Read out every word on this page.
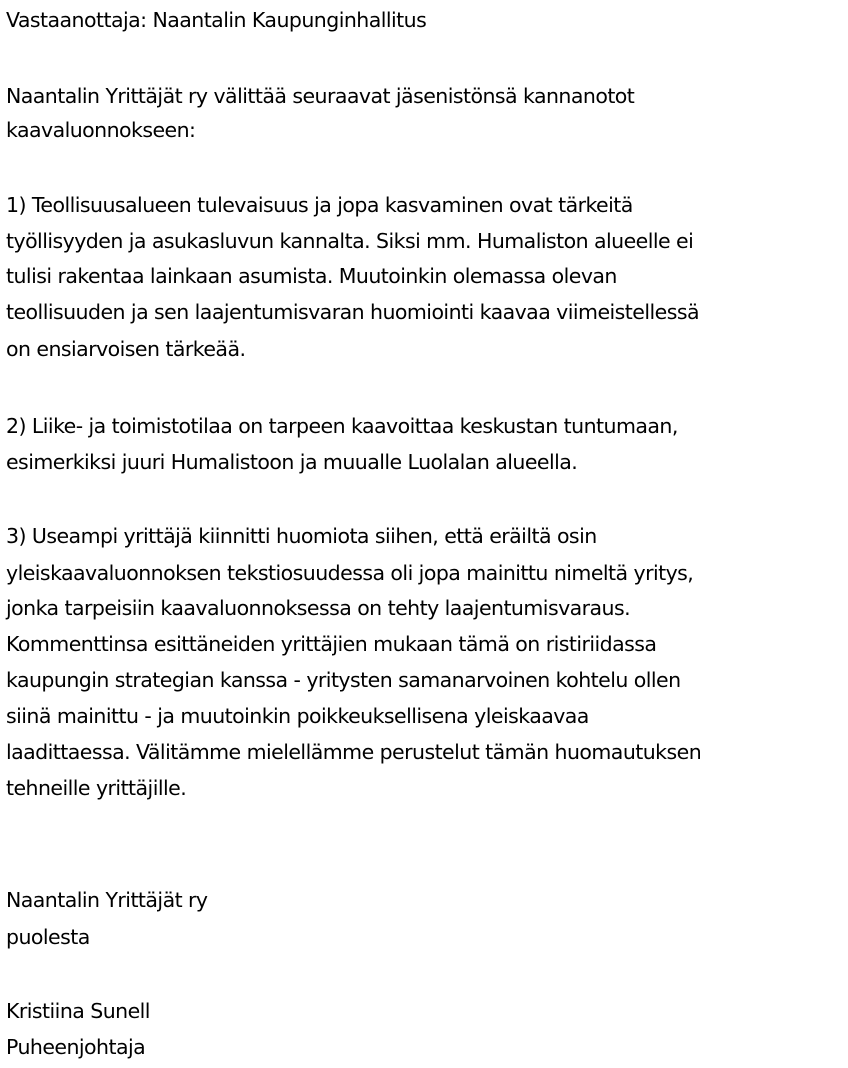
Vastaanottaja: Naantalin Kaupunginhallitus
Naantalin Yrittäjät ry välittää seuraavat jäsenistönsä kannanotot
kaavaluonnokseen:
1) Teollisuusalueen tulevaisuus ja jopa kasvaminen ovat tärkeitä
työllisyyden ja asukasluvun kannalta. Siksi mm. Humaliston alueelle ei
tulisi rakentaa lainkaan asumista. Muutoinkin olemassa olevan
teollisuuden ja sen laajentumisvaran huomiointi kaavaa viimeistellessä
on ensiarvoisen tärkeää.
2) Liike- ja toimistotilaa on tarpeen kaavoittaa keskustan tuntumaan,
esimerkiksi juuri Humalistoon ja muualle Luolalan alueella.
3) Useampi yrittäjä kiinnitti huomiota siihen, että eräiltä osin
yleiskaavaluonnoksen tekstiosuudessa oli jopa mainittu nimeltä yritys,
jonka tarpeisiin kaavaluonnoksessa on tehty laajentumisvaraus.
Kommenttinsa esittäneiden yrittäjien mukaan tämä on ristiriidassa
kaupungin strategian kanssa - yritysten samanarvoinen kohtelu ollen
siinä mainittu - ja muutoinkin poikkeuksellisena yleiskaavaa
laadittaessa. Välitämme mielellämme perustelut tämän huomautuksen
tehneille yrittäjille.
Naantalin Yrittäjät ry
puolesta
Kristiina Sunell
Puheenjohtaja
